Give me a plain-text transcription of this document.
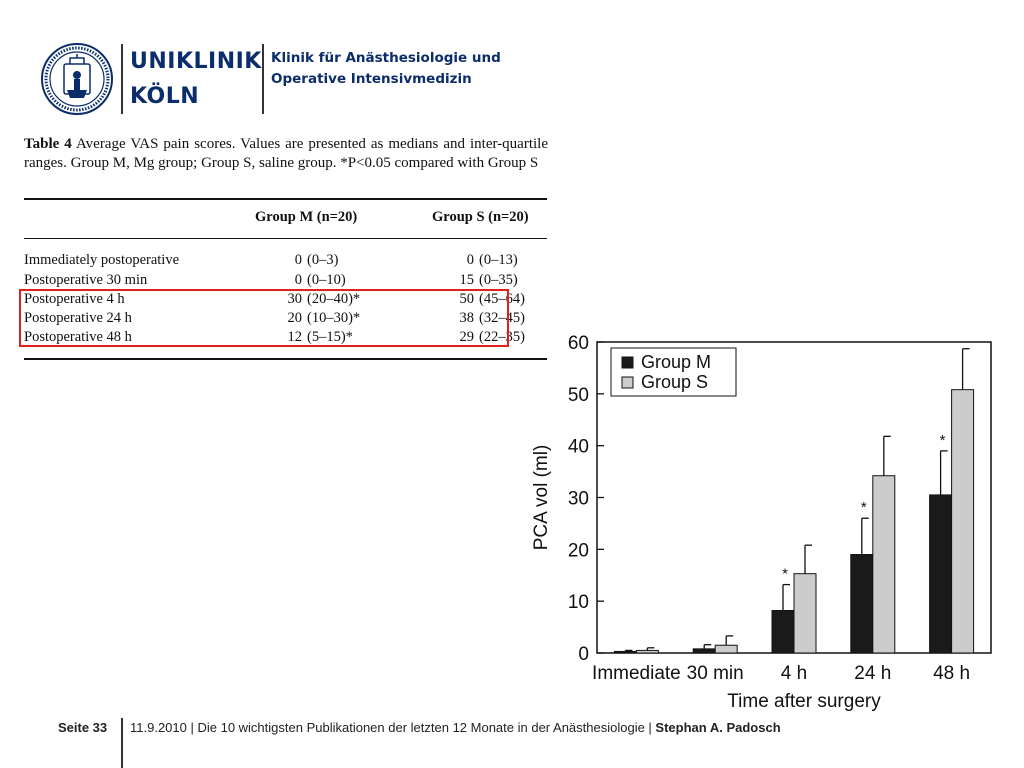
UNIKLINIK
KÖLN
Klinik für Anästhesiologie und
Operative Intensivmedizin
Table 4 Average VAS pain scores. Values are presented as medians and inter-quartile ranges. Group M, Mg group; Group S, saline group. *P<0.05 compared with Group S
Group M (n=20)	Group S (n=20)
Immediately postoperative	0 (0–3)	0 (0–13)
Postoperative 30 min	0 (0–10)	15 (0–35)
Postoperative 4 h	30 (20–40)*	50 (45–64)
Postoperative 24 h	20 (10–30)*	38 (32–45)
Postoperative 48 h	12 (5–15)*	29 (22–35)
0
10
20
30
40
50
60
PCA vol (ml)
Immediate 30 min
*
4 h
*
24 h
*
48 h
Time after surgery
Group M
Group S
Seite 33 11.9.2010 | Die 10 wichtigsten Publikationen der letzten 12 Monate in der Anästhesiologie | Stephan A. Padosch
